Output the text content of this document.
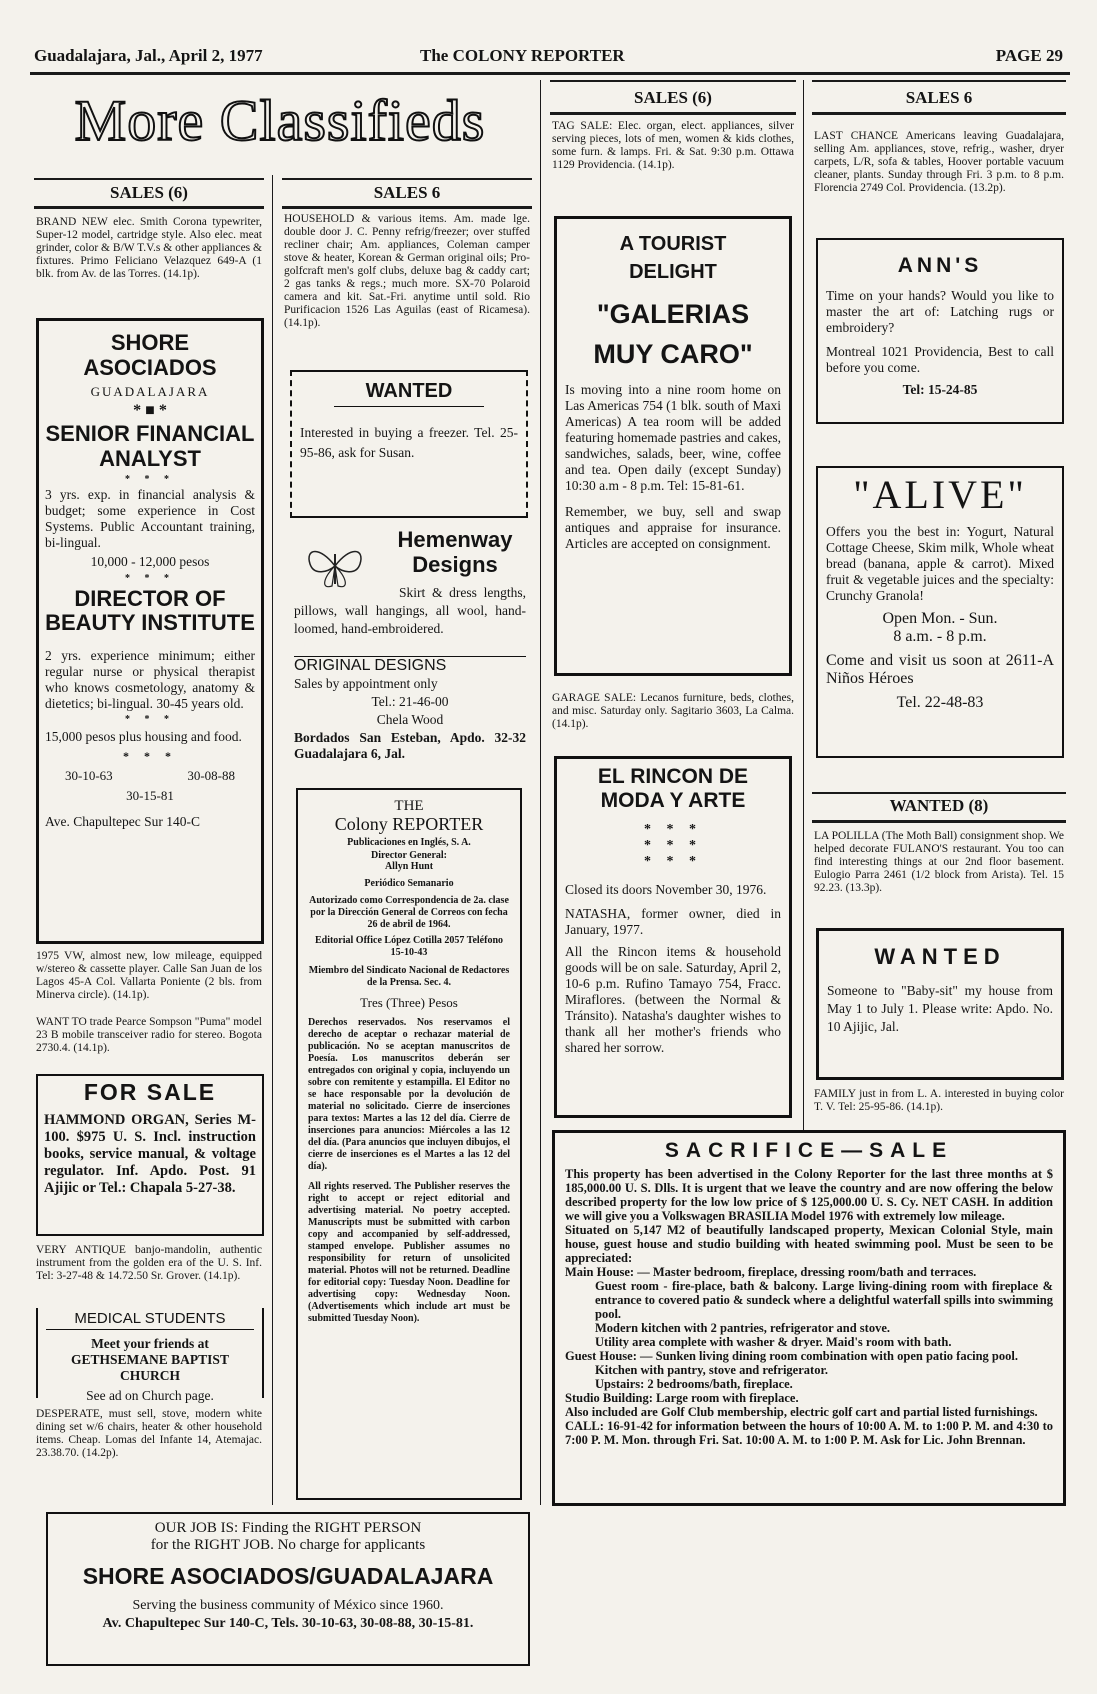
Guadalajara, Jal., April 2, 1977	The COLONY REPORTER	PAGE 29
More Classifieds
SALES (6)
BRAND NEW elec. Smith Corona typewriter, Super-12 model, cartridge style. Also elec. meat grinder, color & B/W T.V.s & other appliances & fixtures. Primo Feliciano Velazquez 649-A (1 blk. from Av. de las Torres. (14.1p).
SHORE
ASOCIADOS
GUADALAJARA
* ■ *
SENIOR FINANCIAL ANALYST
* * *
3 yrs. exp. in financial analysis & budget; some experience in Cost Systems. Public Accountant training, bi-lingual.
10,000 - 12,000 pesos
* * *
DIRECTOR OF BEAUTY INSTITUTE
2 yrs. experience minimum; either regular nurse or physical therapist who knows cosmetology, anatomy & dietetics; bi-lingual. 30-45 years old.
* * *
15,000 pesos plus housing and food.
* * *
30-10-63	30-08-88
30-15-81
Ave. Chapultepec Sur 140-C
1975 VW, almost new, low mileage, equipped w/stereo & cassette player. Calle San Juan de los Lagos 45-A Col. Vallarta Poniente (2 bls. from Minerva circle). (14.1p).
WANT TO trade Pearce Sompson "Puma" model 23 B mobile transceiver radio for stereo. Bogota 2730.4. (14.1p).
FOR SALE
HAMMOND ORGAN, Series M-100. $975 U. S. Incl. instruction books, service manual, & voltage regulator. Inf. Apdo. Post. 91 Ajijic or Tel.: Chapala 5-27-38.
VERY ANTIQUE banjo-mandolin, authentic instrument from the golden era of the U. S. Inf. Tel: 3-27-48 & 14.72.50 Sr. Grover. (14.1p).
MEDICAL STUDENTS
Meet your friends at GETHSEMANE BAPTIST CHURCH
See ad on Church page.
DESPERATE, must sell, stove, modern white dining set w/6 chairs, heater & other household items. Cheap. Lomas del Infante 14, Atemajac. 23.38.70. (14.2p).
SALES 6
HOUSEHOLD & various items. Am. made lge. double door J. C. Penny refrig/freezer; over stuffed recliner chair; Am. appliances, Coleman camper stove & heater, Korean & German original oils; Pro-golfcraft men's golf clubs, deluxe bag & caddy cart; 2 gas tanks & regs.; much more. SX-70 Polaroid camera and kit. Sat.-Fri. anytime until sold. Rio Purificacion 1526 Las Aguilas (east of Ricamesa). (14.1p).
WANTED
Interested in buying a freezer. Tel. 25-95-86, ask for Susan.
Hemenway Designs
Skirt & dress lengths, pillows, wall hangings, all wool, hand-loomed, hand-embroidered.
ORIGINAL DESIGNS
Sales by appointment only
Tel.: 21-46-00
Chela Wood
Bordados San Esteban, Apdo. 32-32 Guadalajara 6, Jal.
THE
Colony REPORTER
Publicaciones en Inglés, S. A.
Director General:
Allyn Hunt
Periódico Semanario
Autorizado como Correspondencia de 2a. clase por la Dirección General de Correos con fecha 26 de abril de 1964.
Editorial Office López Cotilla 2057 Teléfono 15-10-43
Miembro del Sindicato Nacional de Redactores de la Prensa. Sec. 4.
Tres (Three) Pesos
Derechos reservados. Nos reservamos el derecho de aceptar o rechazar material de publicación. No se aceptan manuscritos de Poesía. Los manuscritos deberán ser entregados con original y copia, incluyendo un sobre con remitente y estampilla. El Editor no se hace responsable por la devolución de material no solicitado. Cierre de inserciones para textos: Martes a las 12 del día. Cierre de inserciones para anuncios: Miércoles a las 12 del día. (Para anuncios que incluyen dibujos, el cierre de inserciones es el Martes a las 12 del día).
All rights reserved. The Publisher reserves the right to accept or reject editorial and advertising material. No poetry accepted. Manuscripts must be submitted with carbon copy and accompanied by self-addressed, stamped envelope. Publisher assumes no responsibility for return of unsolicited material. Photos will not be returned. Deadline for editorial copy: Tuesday Noon. Deadline for advertising copy: Wednesday Noon. (Advertisements which include art must be submitted Tuesday Noon).
SALES (6)
TAG SALE: Elec. organ, elect. appliances, silver serving pieces, lots of men, women & kids clothes, some furn. & lamps. Fri. & Sat. 9:30 p.m. Ottawa 1129 Providencia. (14.1p).
A TOURIST
DELIGHT
"GALERIAS MUY CARO"
Is moving into a nine room home on Las Americas 754 (1 blk. south of Maxi Americas) A tea room will be added featuring homemade pastries and cakes, sandwiches, salads, beer, wine, coffee and tea. Open daily (except Sunday) 10:30 a.m - 8 p.m. Tel: 15-81-61.
Remember, we buy, sell and swap antiques and appraise for insurance. Articles are accepted on consignment.
GARAGE SALE: Lecanos furniture, beds, clothes, and misc. Saturday only. Sagitario 3603, La Calma. (14.1p).
EL RINCON DE MODA Y ARTE
* * *
* * *
* * *
Closed its doors November 30, 1976.
NATASHA, former owner, died in January, 1977.
All the Rincon items & household goods will be on sale. Saturday, April 2, 10-6 p.m. Rufino Tamayo 754, Fracc. Miraflores. (between the Normal & Tránsito). Natasha's daughter wishes to thank all her mother's friends who shared her sorrow.
SALES 6
LAST CHANCE Americans leaving Guadalajara, selling Am. appliances, stove, refrig., washer, dryer carpets, L/R, sofa & tables, Hoover portable vacuum cleaner, plants. Sunday through Fri. 3 p.m. to 8 p.m. Florencia 2749 Col. Providencia. (13.2p).
ANN'S
Time on your hands? Would you like to master the art of: Latching rugs or embroidery?
Montreal 1021 Providencia, Best to call before you come.
Tel: 15-24-85
"ALIVE"
Offers you the best in: Yogurt, Natural Cottage Cheese, Skim milk, Whole wheat bread (banana, apple & carrot). Mixed fruit & vegetable juices and the specialty: Crunchy Granola!
Open Mon. - Sun.
8 a.m. - 8 p.m.
Come and visit us soon at 2611-A Niños Héroes
Tel. 22-48-83
WANTED (8)
LA POLILLA (The Moth Ball) consignment shop. We helped decorate FULANO'S restaurant. You too can find interesting things at our 2nd floor basement. Eulogio Parra 2461 (1/2 block from Arista). Tel. 15 92.23. (13.3p).
WANTED
Someone to "Baby-sit" my house from May 1 to July 1. Please write: Apdo. No. 10 Ajijic, Jal.
FAMILY just in from L. A. interested in buying color T. V. Tel: 25-95-86. (14.1p).
SACRIFICE—SALE
This property has been advertised in the Colony Reporter for the last three months at $ 185,000.00 U. S. Dlls. It is urgent that we leave the country and are now offering the below described property for the low low price of $ 125,000.00 U. S. Cy. NET CASH. In addition we will give you a Volkswagen BRASILIA Model 1976 with extremely low mileage.
Situated on 5,147 M2 of beautifully landscaped property, Mexican Colonial Style, main house, guest house and studio building with heated swimming pool. Must be seen to be appreciated:
Main House: — Master bedroom, fireplace, dressing room/bath and terraces.
Guest room - fire-place, bath & balcony. Large living-dining room with fireplace & entrance to covered patio & sundeck where a delightful waterfall spills into swimming pool.
Modern kitchen with 2 pantries, refrigerator and stove.
Utility area complete with washer & dryer. Maid's room with bath.
Guest House: — Sunken living dining room combination with open patio facing pool.
Kitchen with pantry, stove and refrigerator.
Upstairs: 2 bedrooms/bath, fireplace.
Studio Building: Large room with fireplace.
Also included are Golf Club membership, electric golf cart and partial listed furnishings.
CALL: 16-91-42 for information between the hours of 10:00 A. M. to 1:00 P. M. and 4:30 to 7:00 P. M. Mon. through Fri. Sat. 10:00 A. M. to 1:00 P. M. Ask for Lic. John Brennan.
OUR JOB IS: Finding the RIGHT PERSON
for the RIGHT JOB. No charge for applicants
SHORE ASOCIADOS/GUADALAJARA
Serving the business community of México since 1960.
Av. Chapultepec Sur 140-C, Tels. 30-10-63, 30-08-88, 30-15-81.
